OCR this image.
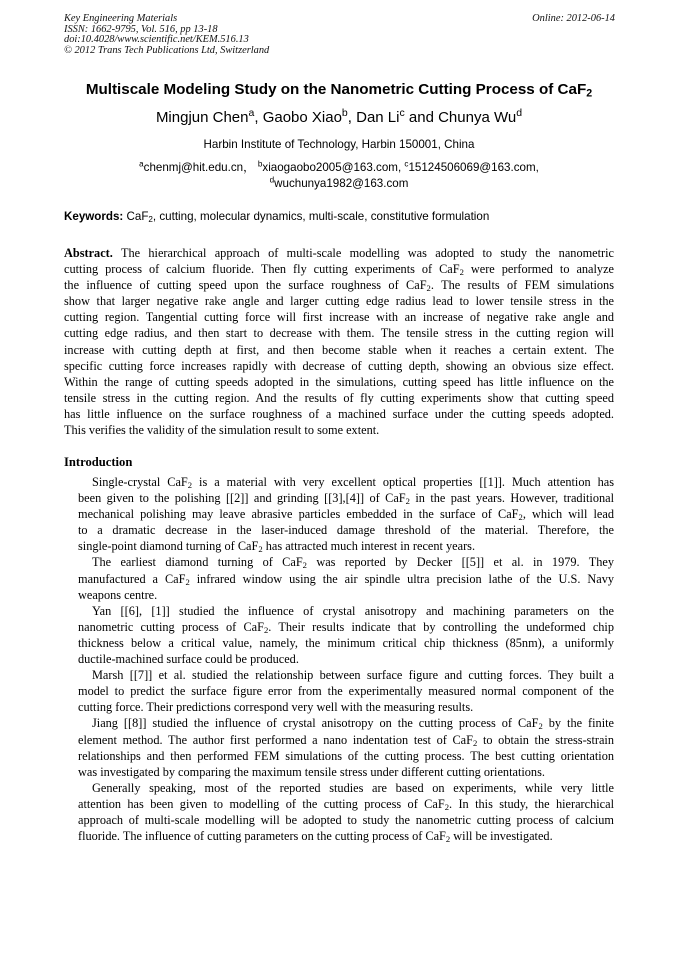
Key Engineering Materials
ISSN: 1662-9795, Vol. 516, pp 13-18
doi:10.4028/www.scientific.net/KEM.516.13
© 2012 Trans Tech Publications Ltd, Switzerland
Online: 2012-06-14
Multiscale Modeling Study on the Nanometric Cutting Process of CaF$_2$
Mingjun Chen$^a$, Gaobo Xiao$^b$, Dan Li$^c$ and Chunya Wu$^d$
Harbin Institute of Technology, Harbin 150001, China
$^a$chenmj@hit.edu.cn， $^b$xiaogaobo2005@163.com, $^c$15124506069@163.com,
$^d$wuchunya1982@163.com
Keywords: CaF$_2$, cutting, molecular dynamics, multi-scale, constitutive formulation

Abstract. The hierarchical approach of multi-scale modelling was adopted to study the nanometric
cutting process of calcium fluoride. Then fly cutting experiments of CaF$_2$ were performed to analyze
the influence of cutting speed upon the surface roughness of CaF$_2$. The results of FEM simulations
show that larger negative rake angle and larger cutting edge radius lead to lower tensile stress in the
cutting region. Tangential cutting force will first increase with an increase of negative rake angle and
cutting edge radius, and then start to decrease with them. The tensile stress in the cutting region will
increase with cutting depth at first, and then become stable when it reaches a certain extent. The
specific cutting force increases rapidly with decrease of cutting depth, showing an obvious size effect.
Within the range of cutting speeds adopted in the simulations, cutting speed has little influence on the
tensile stress in the cutting region. And the results of fly cutting experiments show that cutting speed
has little influence on the surface roughness of a machined surface under the cutting speeds adopted.
This verifies the validity of the simulation result to some extent.

Introduction

Single-crystal CaF$_2$ is a material with very excellent optical properties [[1]]. Much attention has
been given to the polishing [[2]] and grinding [[3],[4]] of CaF$_2$ in the past years. However, traditional
mechanical polishing may leave abrasive particles embedded in the surface of CaF$_2$, which will lead
to a dramatic decrease in the laser-induced damage threshold of the material. Therefore, the
single-point diamond turning of CaF$_2$ has attracted much interest in recent years.

The earliest diamond turning of CaF$_2$ was reported by Decker [[5]] et al. in 1979. They
manufactured a CaF$_2$ infrared window using the air spindle ultra precision lathe of the U.S. Navy
weapons centre.

Yan [[6], [1]] studied the influence of crystal anisotropy and machining parameters on the
nanometric cutting process of CaF$_2$. Their results indicate that by controlling the undeformed chip
thickness below a critical value, namely, the minimum critical chip thickness (85nm), a uniformly
ductile-machined surface could be produced.

Marsh [[7]] et al. studied the relationship between surface figure and cutting forces. They built a
model to predict the surface figure error from the experimentally measured normal component of the
cutting force. Their predictions correspond very well with the measuring results.

Jiang [[8]] studied the influence of crystal anisotropy on the cutting process of CaF$_2$ by the finite
element method. The author first performed a nano indentation test of CaF$_2$ to obtain the stress-strain
relationships and then performed FEM simulations of the cutting process. The best cutting orientation
was investigated by comparing the maximum tensile stress under different cutting orientations.

Generally speaking, most of the reported studies are based on experiments, while very little
attention has been given to modelling of the cutting process of CaF$_2$. In this study, the hierarchical
approach of multi-scale modelling will be adopted to study the nanometric cutting process of calcium
fluoride. The influence of cutting parameters on the cutting process of CaF$_2$ will be investigated.
